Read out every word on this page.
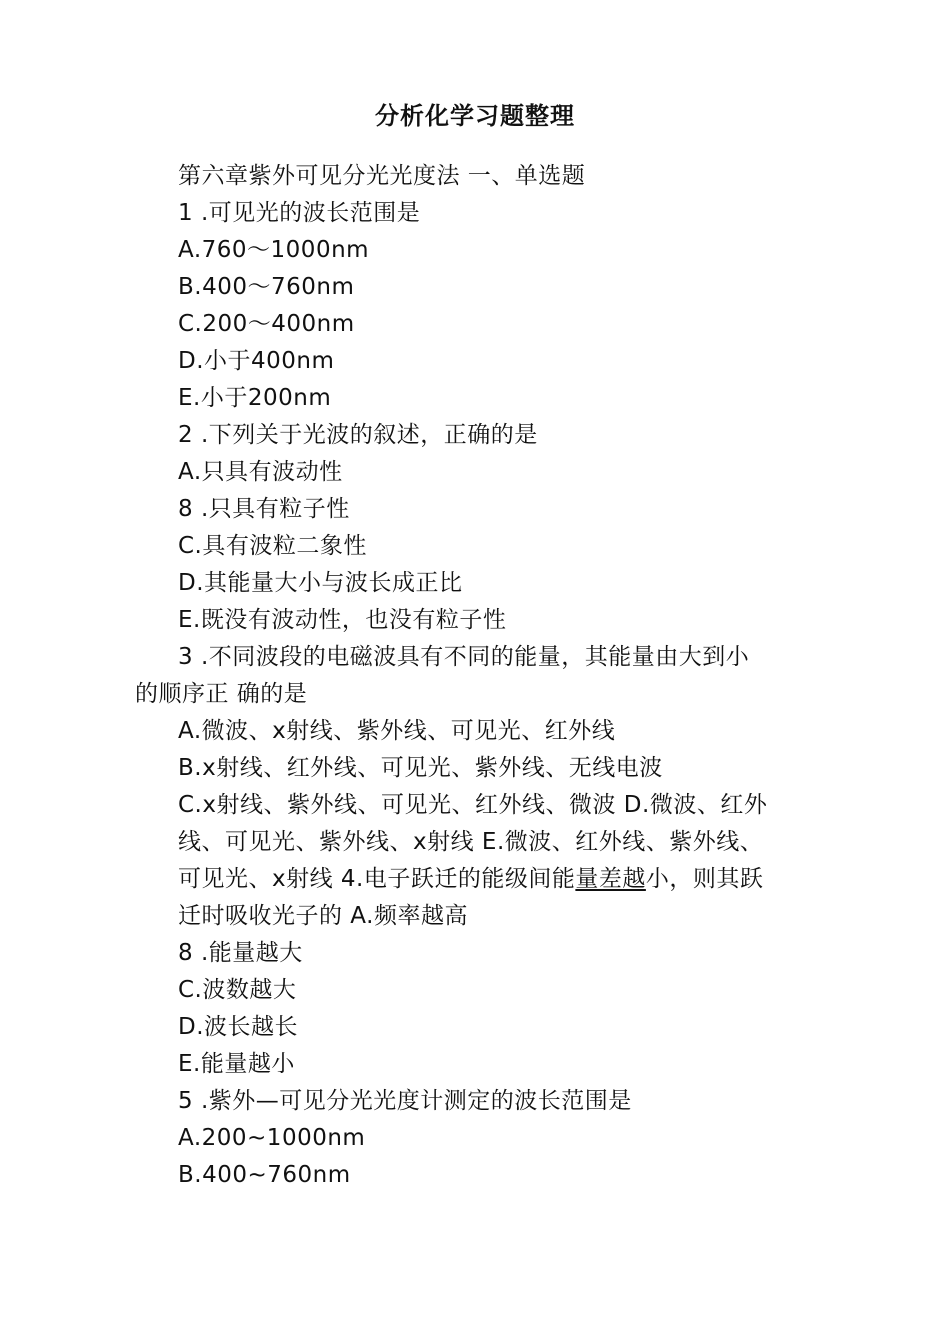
分析化学习题整理
第六章紫外可见分光光度法 一、单选题
1 .可见光的波长范围是
A.760～1000nm
B.400～760nm
C.200～400nm
D.小于400nm
E.小于200nm
2 .下列关于光波的叙述，正确的是
A.只具有波动性
8 .只具有粒子性
C.具有波粒二象性
D.其能量大小与波长成正比
E.既没有波动性，也没有粒子性
3 .不同波段的电磁波具有不同的能量，其能量由大到小
的顺序正 确的是
A.微波、x射线、紫外线、可见光、红外线
B.x射线、红外线、可见光、紫外线、无线电波
C.x射线、紫外线、可见光、红外线、微波 D.微波、红外
线、可见光、紫外线、x射线 E.微波、红外线、紫外线、
可见光、x射线 4.电子跃迁的能级间能量差越小，则其跃
迁时吸收光子的 A.频率越高
8 .能量越大
C.波数越大
D.波长越长
E.能量越小
5 .紫外—可见分光光度计测定的波长范围是
A.200~1000nm
B.400~760nm
